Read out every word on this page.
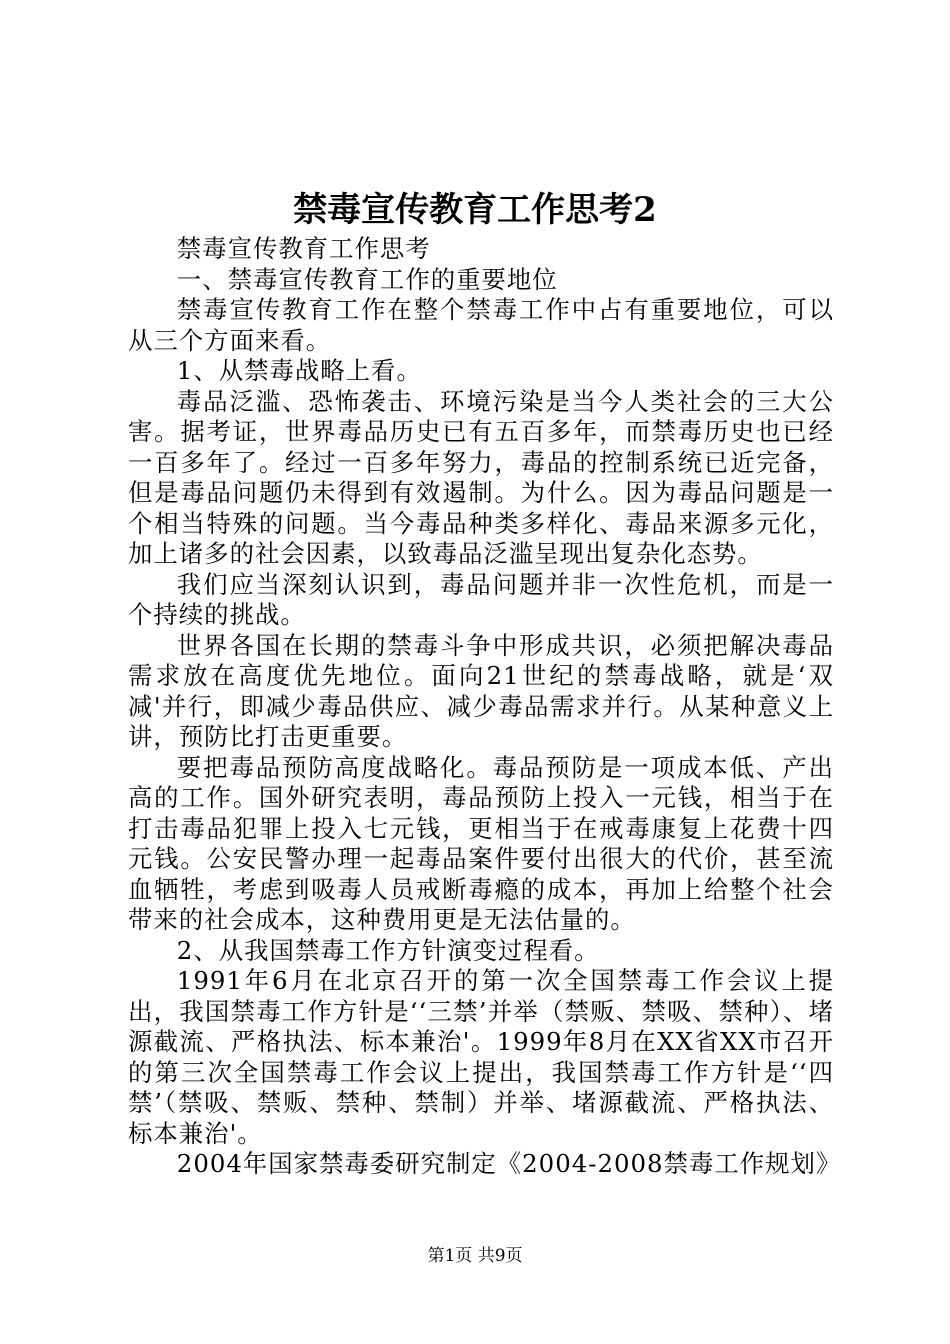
禁毒宣传教育工作思考2

禁毒宣传教育工作思考

一、禁毒宣传教育工作的重要地位

禁毒宣传教育工作在整个禁毒工作中占有重要地位，可以从三个方面来看。

1、从禁毒战略上看。

毒品泛滥、恐怖袭击、环境污染是当今人类社会的三大公害。据考证，世界毒品历史已有五百多年，而禁毒历史也已经一百多年了。经过一百多年努力，毒品的控制系统已近完备，但是毒品问题仍未得到有效遏制。为什么。因为毒品问题是一个相当特殊的问题。当今毒品种类多样化、毒品来源多元化，加上诸多的社会因素，以致毒品泛滥呈现出复杂化态势。

我们应当深刻认识到，毒品问题并非一次性危机，而是一个持续的挑战。

世界各国在长期的禁毒斗争中形成共识，必须把解决毒品需求放在高度优先地位。面向21世纪的禁毒战略，就是‘双减'并行，即减少毒品供应、减少毒品需求并行。从某种意义上讲，预防比打击更重要。

要把毒品预防高度战略化。毒品预防是一项成本低、产出高的工作。国外研究表明，毒品预防上投入一元钱，相当于在打击毒品犯罪上投入七元钱，更相当于在戒毒康复上花费十四元钱。公安民警办理一起毒品案件要付出很大的代价，甚至流血牺牲，考虑到吸毒人员戒断毒瘾的成本，再加上给整个社会带来的社会成本，这种费用更是无法估量的。

2、从我国禁毒工作方针演变过程看。

1991年6月在北京召开的第一次全国禁毒工作会议上提出，我国禁毒工作方针是‘‘三禁’并举（禁贩、禁吸、禁种）、堵源截流、严格执法、标本兼治'。1999年8月在XX省XX市召开的第三次全国禁毒工作会议上提出，我国禁毒工作方针是‘‘四禁’（禁吸、禁贩、禁种、禁制）并举、堵源截流、严格执法、标本兼治'。

2004年国家禁毒委研究制定《2004-2008禁毒工作规划》

第1页 共9页
